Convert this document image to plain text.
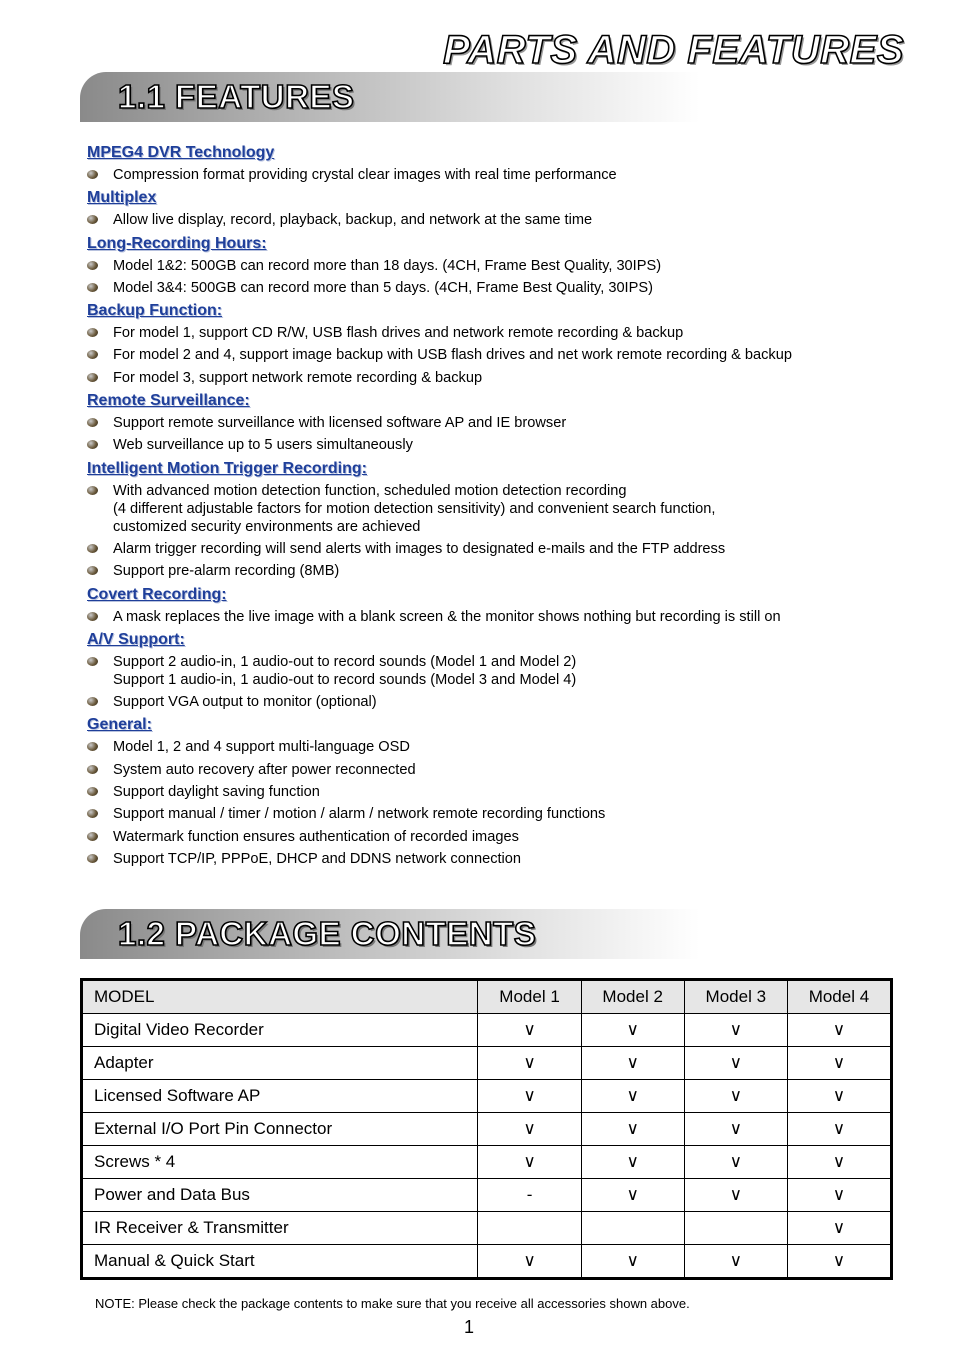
PARTS AND FEATURES
1.1 FEATURES
MPEG4 DVR Technology
Compression format providing crystal clear images with real time performance
Multiplex
Allow live display, record, playback, backup, and network at the same time
Long-Recording Hours:
Model 1&2: 500GB can record more than 18 days. (4CH, Frame Best Quality, 30IPS)
Model 3&4: 500GB can record more than 5 days. (4CH, Frame Best Quality, 30IPS)
Backup Function:
For model 1, support CD R/W, USB flash drives and network remote recording & backup
For model 2 and 4, support image backup with USB flash drives and net work remote recording & backup
For model 3, support network remote recording & backup
Remote Surveillance:
Support remote surveillance with licensed software AP and IE browser
Web surveillance up to 5 users simultaneously
Intelligent Motion Trigger Recording:
With advanced motion detection function, scheduled motion detection recording
(4 different adjustable factors for motion detection sensitivity) and convenient search function,
customized security environments are achieved
Alarm trigger recording will send alerts with images to designated e-mails and the FTP address
Support pre-alarm recording (8MB)
Covert Recording:
A mask replaces the live image with a blank screen & the monitor shows nothing but recording is still on
A/V Support:
Support 2 audio-in, 1 audio-out to record sounds (Model 1 and Model 2)
Support 1 audio-in, 1 audio-out to record sounds (Model 3 and Model 4)
Support VGA output to monitor (optional)
General:
Model 1, 2 and 4 support multi-language OSD
System auto recovery after power reconnected
Support daylight saving function
Support manual / timer / motion / alarm / network remote recording functions
Watermark function ensures authentication of recorded images
Support TCP/IP, PPPoE, DHCP and DDNS network connection
1.2 PACKAGE CONTENTS
MODEL	Model 1	Model 2	Model 3	Model 4
Digital Video Recorder	∨	∨	∨	∨
Adapter	∨	∨	∨	∨
Licensed Software AP	∨	∨	∨	∨
External I/O Port Pin Connector	∨	∨	∨	∨
Screws * 4	∨	∨	∨	∨
Power and Data Bus	-	∨	∨	∨
IR Receiver & Transmitter				∨
Manual & Quick Start	∨	∨	∨	∨
NOTE: Please check the package contents to make sure that you receive all accessories shown above.
1
